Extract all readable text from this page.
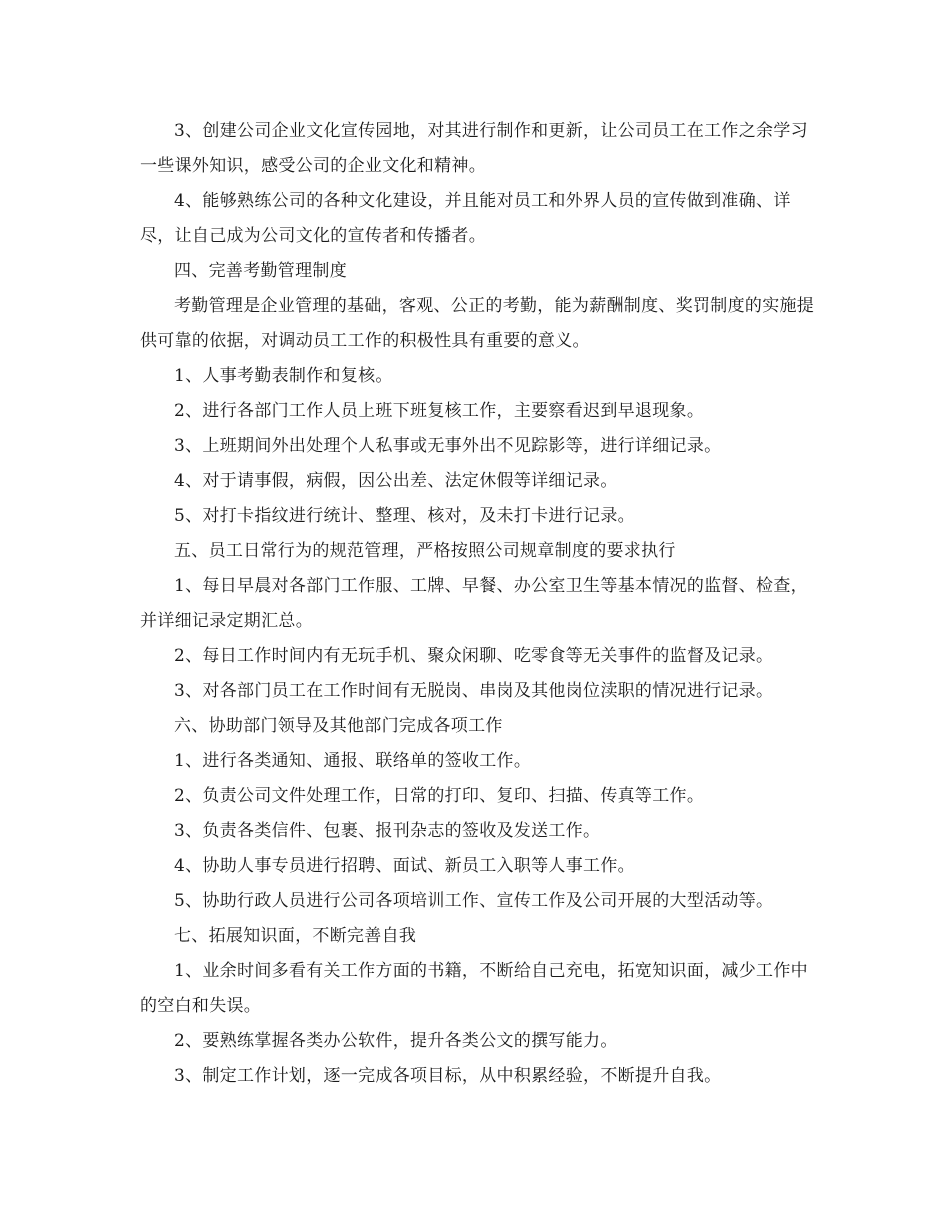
3、创建公司企业文化宣传园地，对其进行制作和更新，让公司员工在工作之余学习一些课外知识，感受公司的企业文化和精神。

4、能够熟练公司的各种文化建设，并且能对员工和外界人员的宣传做到准确、详尽，让自己成为公司文化的宣传者和传播者。

四、完善考勤管理制度

考勤管理是企业管理的基础，客观、公正的考勤，能为薪酬制度、奖罚制度的实施提供可靠的依据，对调动员工工作的积极性具有重要的意义。

1、人事考勤表制作和复核。

2、进行各部门工作人员上班下班复核工作，主要察看迟到早退现象。

3、上班期间外出处理个人私事或无事外出不见踪影等，进行详细记录。

4、对于请事假，病假，因公出差、法定休假等详细记录。

5、对打卡指纹进行统计、整理、核对，及未打卡进行记录。

五、员工日常行为的规范管理，严格按照公司规章制度的要求执行

1、每日早晨对各部门工作服、工牌、早餐、办公室卫生等基本情况的监督、检查，并详细记录定期汇总。

2、每日工作时间内有无玩手机、聚众闲聊、吃零食等无关事件的监督及记录。

3、对各部门员工在工作时间有无脱岗、串岗及其他岗位渎职的情况进行记录。

六、协助部门领导及其他部门完成各项工作

1、进行各类通知、通报、联络单的签收工作。

2、负责公司文件处理工作，日常的打印、复印、扫描、传真等工作。

3、负责各类信件、包裹、报刊杂志的签收及发送工作。

4、协助人事专员进行招聘、面试、新员工入职等人事工作。

5、协助行政人员进行公司各项培训工作、宣传工作及公司开展的大型活动等。

七、拓展知识面，不断完善自我

1、业余时间多看有关工作方面的书籍，不断给自己充电，拓宽知识面，减少工作中的空白和失误。

2、要熟练掌握各类办公软件，提升各类公文的撰写能力。

3、制定工作计划，逐一完成各项目标，从中积累经验，不断提升自我。
